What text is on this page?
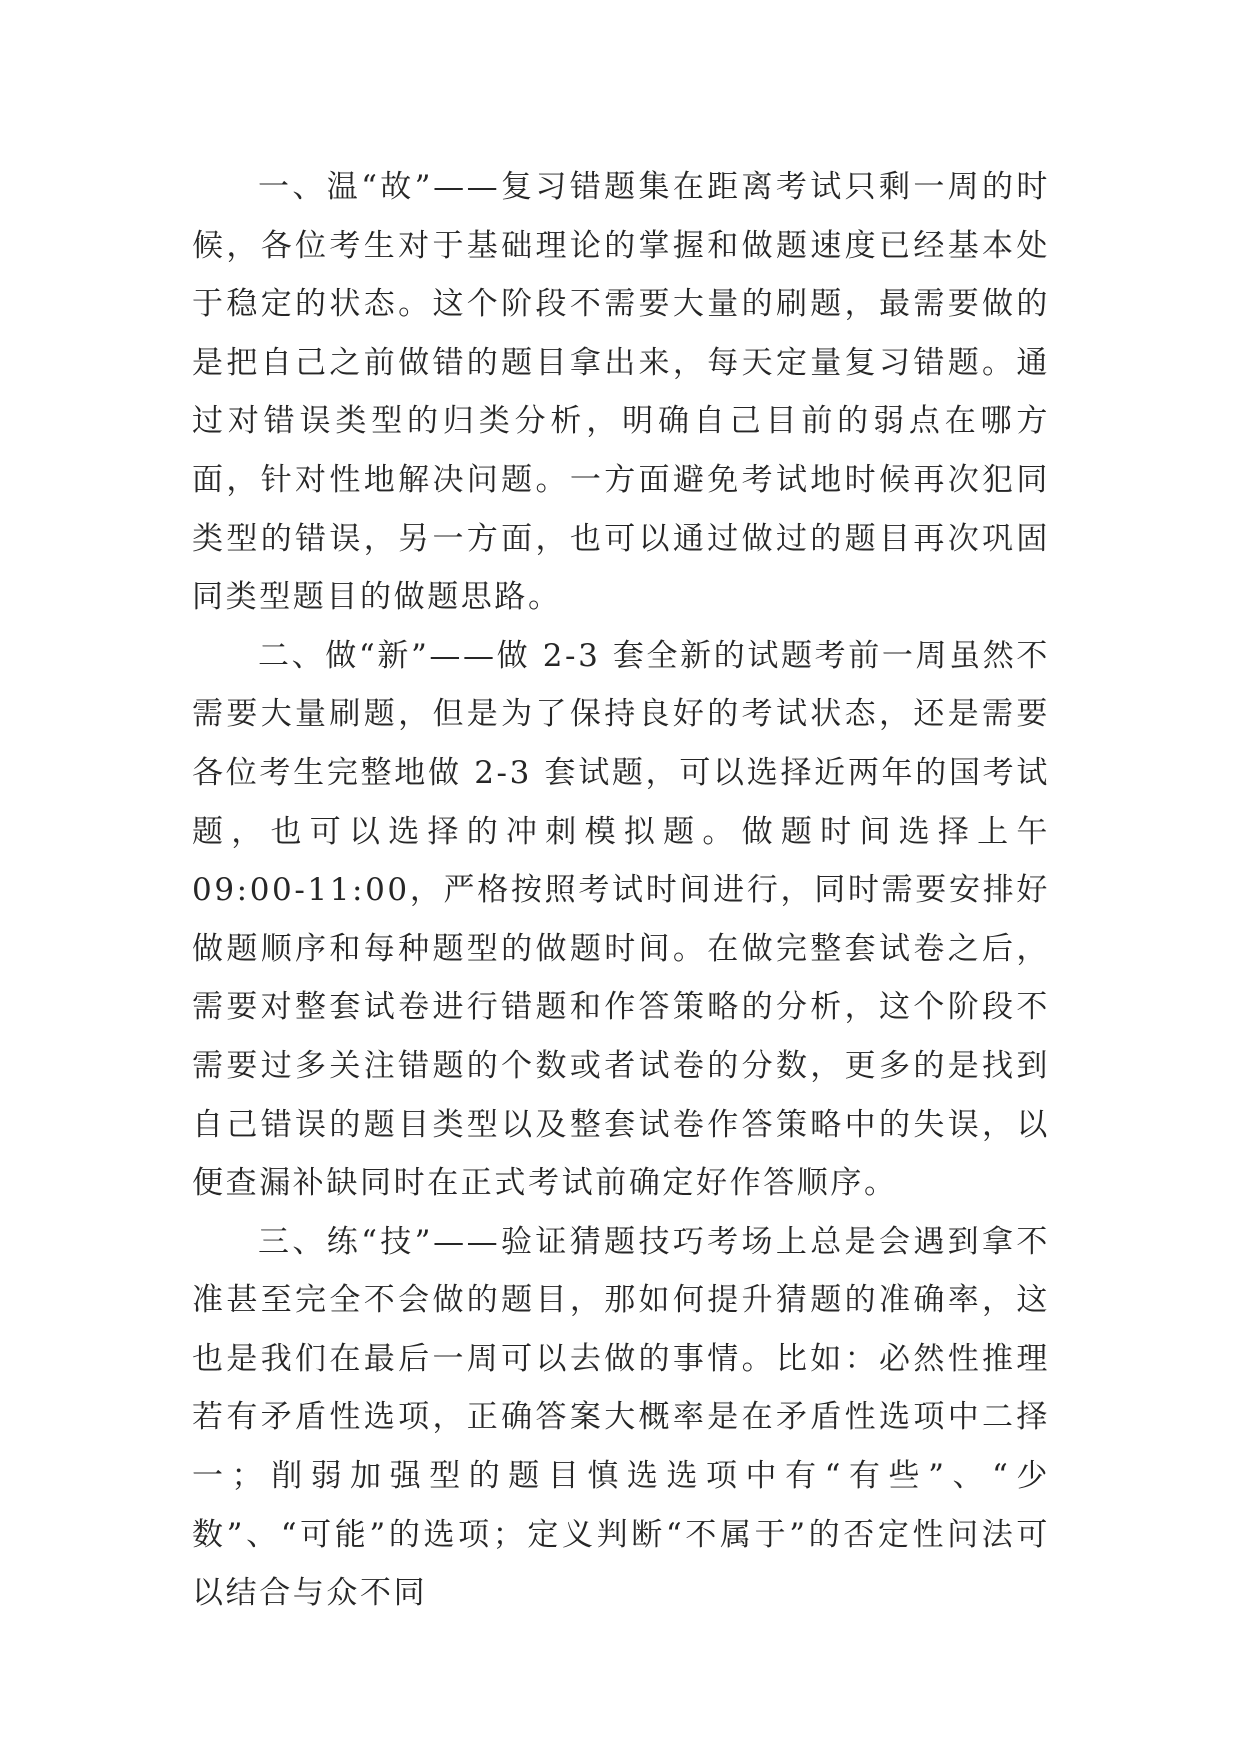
一、温“故”——复习错题集在距离考试只剩一周的时候，各位考生对于基础理论的掌握和做题速度已经基本处于稳定的状态。这个阶段不需要大量的刷题，最需要做的是把自己之前做错的题目拿出来，每天定量复习错题。通过对错误类型的归类分析，明确自己目前的弱点在哪方面，针对性地解决问题。一方面避免考试地时候再次犯同类型的错误，另一方面，也可以通过做过的题目再次巩固同类型题目的做题思路。

二、做“新”——做 2-3 套全新的试题考前一周虽然不需要大量刷题，但是为了保持良好的考试状态，还是需要各位考生完整地做 2-3 套试题，可以选择近两年的国考试题，也可以选择的冲刺模拟题。做题时间选择上午 09:00-11:00，严格按照考试时间进行，同时需要安排好做题顺序和每种题型的做题时间。在做完整套试卷之后，需要对整套试卷进行错题和作答策略的分析，这个阶段不需要过多关注错题的个数或者试卷的分数，更多的是找到自己错误的题目类型以及整套试卷作答策略中的失误，以便查漏补缺同时在正式考试前确定好作答顺序。

三、练“技”——验证猜题技巧考场上总是会遇到拿不准甚至完全不会做的题目，那如何提升猜题的准确率，这也是我们在最后一周可以去做的事情。比如：必然性推理若有矛盾性选项，正确答案大概率是在矛盾性选项中二择一；削弱加强型的题目慎选选项中有“有些”、“少数”、“可能”的选项；定义判断“不属于”的否定性问法可以结合与众不同
